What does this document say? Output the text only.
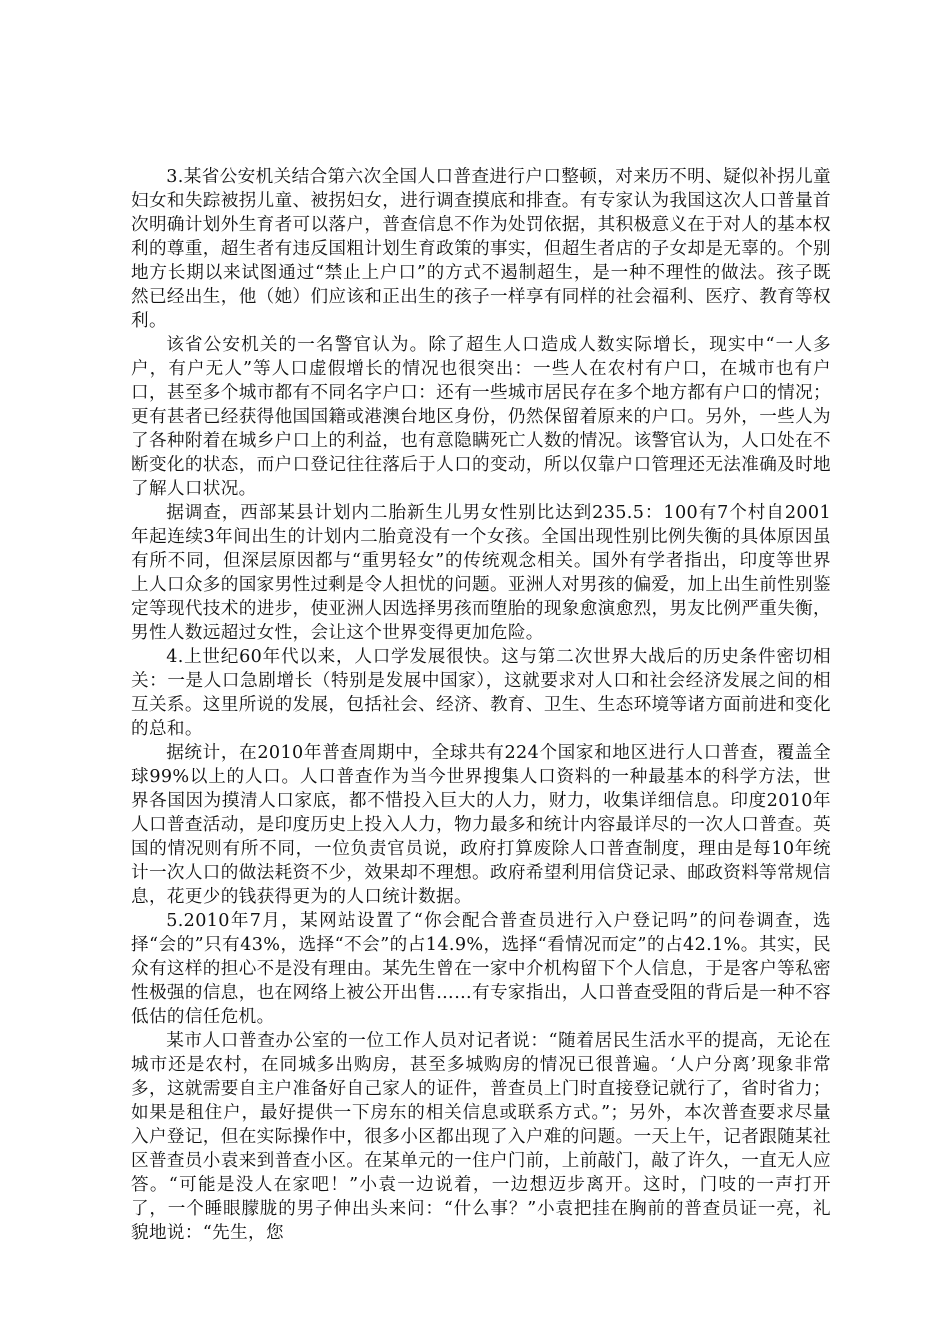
3.某省公安机关结合第六次全国人口普查进行户口整顿，对来历不明、疑似补拐儿童妇女和失踪被拐儿童、被拐妇女，进行调查摸底和排查。有专家认为我国这次人口普量首次明确计划外生育者可以落户，普查信息不作为处罚依据，其积极意义在于对人的基本权利的尊重，超生者有违反国粗计划生育政策的事实，但超生者店的子女却是无辜的。个别地方长期以来试图通过“禁止上户口”的方式不遏制超生，是一种不理性的做法。孩子既然已经出生，他（她）们应该和正出生的孩子一样享有同样的社会福利、医疗、教育等权利。

该省公安机关的一名警官认为。除了超生人口造成人数实际增长，现实中“一人多户，有户无人”等人口虚假增长的情况也很突出：一些人在农村有户口，在城市也有户口，甚至多个城市都有不同名字户口：还有一些城市居民存在多个地方都有户口的情况；更有甚者已经获得他国国籍或港澳台地区身份，仍然保留着原来的户口。另外，一些人为了各种附着在城乡户口上的利益，也有意隐瞒死亡人数的情况。该警官认为，人口处在不断变化的状态，而户口登记往往落后于人口的变动，所以仅靠户口管理还无法准确及时地了解人口状况。

据调查，西部某县计划内二胎新生儿男女性别比达到235.5：100有7个村自2001年起连续3年间出生的计划内二胎竟没有一个女孩。全国出现性别比例失衡的具体原因虽有所不同，但深层原因都与“重男轻女”的传统观念相关。国外有学者指出，印度等世界上人口众多的国家男性过剩是令人担忧的问题。亚洲人对男孩的偏爱，加上出生前性别鉴定等现代技术的进步，使亚洲人因选择男孩而堕胎的现象愈演愈烈，男友比例严重失衡，男性人数远超过女性，会让这个世界变得更加危险。

4.上世纪60年代以来，人口学发展很快。这与第二次世界大战后的历史条件密切相关：一是人口急剧增长（特别是发展中国家），这就要求对人口和社会经济发展之间的相互关系。这里所说的发展，包括社会、经济、教育、卫生、生态环境等诸方面前进和变化的总和。

据统计，在2010年普查周期中，全球共有224个国家和地区进行人口普查，覆盖全球99%以上的人口。人口普查作为当今世界搜集人口资料的一种最基本的科学方法，世界各国因为摸清人口家底，都不惜投入巨大的人力，财力，收集详细信息。印度2010年人口普查活动，是印度历史上投入人力，物力最多和统计内容最详尽的一次人口普查。英国的情况则有所不同，一位负责官员说，政府打算废除人口普查制度，理由是每10年统计一次人口的做法耗资不少，效果却不理想。政府希望利用信贷记录、邮政资料等常规信息，花更少的钱获得更为的人口统计数据。

5.2010年7月，某网站设置了“你会配合普查员进行入户登记吗”的问卷调查，选择“会的”只有43%，选择“不会”的占14.9%，选择“看情况而定”的占42.1%。其实，民众有这样的担心不是没有理由。某先生曾在一家中介机构留下个人信息，于是客户等私密性极强的信息，也在网络上被公开出售……有专家指出，人口普查受阻的背后是一种不容低估的信任危机。

某市人口普查办公室的一位工作人员对记者说：“随着居民生活水平的提高，无论在城市还是农村，在同城多出购房，甚至多城购房的情况已很普遍。‘人户分离’现象非常多，这就需要自主户准备好自己家人的证件，普查员上门时直接登记就行了，省时省力；如果是租住户，最好提供一下房东的相关信息或联系方式。”；另外，本次普查要求尽量入户登记，但在实际操作中，很多小区都出现了入户难的问题。一天上午，记者跟随某社区普查员小袁来到普查小区。在某单元的一住户门前，上前敲门，敲了许久，一直无人应答。“可能是没人在家吧！”小袁一边说着，一边想迈步离开。这时，门吱的一声打开了，一个睡眼朦胧的男子伸出头来问：“什么事？”小袁把挂在胸前的普查员证一亮，礼貌地说：“先生，您
